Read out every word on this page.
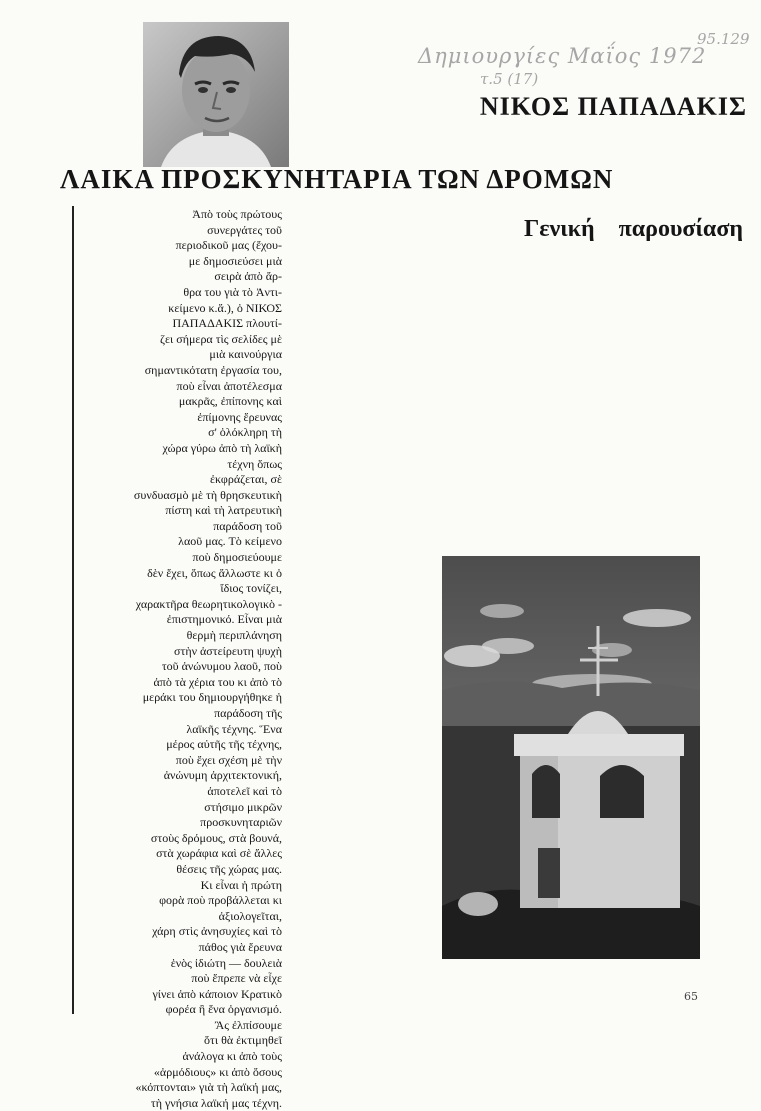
95.129
Δημιουργίες Μαΐος 1972
τ.5 (17)
ΝΙΚΟΣ ΠΑΠΑΔΑΚΙΣ
ΛΑΙΚΑ ΠΡΟΣΚΥΝΗΤΑΡΙΑ ΤΩΝ ΔΡΟΜΩΝ
Γενική παρουσίαση
Ἀπὸ τοὺς πρώτους
συνεργάτες τοῦ
περιοδικοῦ μας (ἔχου-
με δημοσιεύσει μιὰ
σειρὰ ἀπὸ ἄρ-
θρα του γιὰ τὸ Ἀντι-
κείμενο κ.ἄ.), ὁ ΝΙΚΟΣ
ΠΑΠΑΔΑΚΙΣ πλουτί-
ζει σήμερα τὶς σελίδες μὲ
μιὰ καινούργια
σημαντικότατη ἐργασία του,
ποὺ εἶναι ἀποτέλεσμα
μακρᾶς, ἐπίπονης καὶ
ἐπίμονης ἔρευνας
σ' ὁλόκληρη τὴ
χώρα γύρω ἀπὸ τὴ λαϊκὴ
τέχνη ὅπως
ἐκφράζεται, σὲ
συνδυασμὸ μὲ τὴ θρησκευτικὴ
πίστη καὶ τὴ λατρευτικὴ
παράδοση τοῦ
λαοῦ μας. Τὸ κείμενο
ποὺ δημοσιεύουμε
δὲν ἔχει, ὅπως ἄλλωστε κι ὁ
ἴδιος τονίζει,
χαρακτῆρα θεωρητικολογικὸ -
ἐπιστημονικό. Εἶναι μιὰ
θερμὴ περιπλάνηση
στὴν ἀστείρευτη ψυχὴ
τοῦ ἀνώνυμου λαοῦ, ποὺ
ἀπὸ τὰ χέρια του κι ἀπὸ τὸ
μεράκι του δημιουργήθηκε ἡ
παράδοση τῆς
λαϊκῆς τέχνης. Ἕνα
μέρος αὐτῆς τῆς τέχνης,
ποὺ ἔχει σχέση μὲ τὴν
ἀνώνυμη ἀρχιτεκτονική,
ἀποτελεῖ καὶ τὸ
στήσιμο μικρῶν
προσκυνηταριῶν
στοὺς δρόμους, στὰ βουνά,
στὰ χωράφια καὶ σὲ ἄλλες
θέσεις τῆς χώρας μας.
Κι εἶναι ἡ πρώτη
φορὰ ποὺ προβάλλεται κι
ἀξιολογεῖται,
χάρη στὶς ἀνησυχίες καὶ τὸ
πάθος γιὰ ἔρευνα
ἑνὸς ἰδιώτη — δουλειὰ
ποὺ ἔπρεπε νὰ εἶχε
γίνει ἀπὸ κάποιον Κρατικὸ
φορέα ἢ ἕνα ὀργανισμό.
Ἂς ἐλπίσουμε
ὅτι θὰ ἐκτιμηθεῖ
ἀνάλογα κι ἀπὸ τοὺς
«ἁρμόδιους» κι ἀπὸ ὅσους
«κόπτονται» γιὰ τὴ λαϊκή μας,
τὴ γνήσια λαϊκή μας τέχνη.
65
